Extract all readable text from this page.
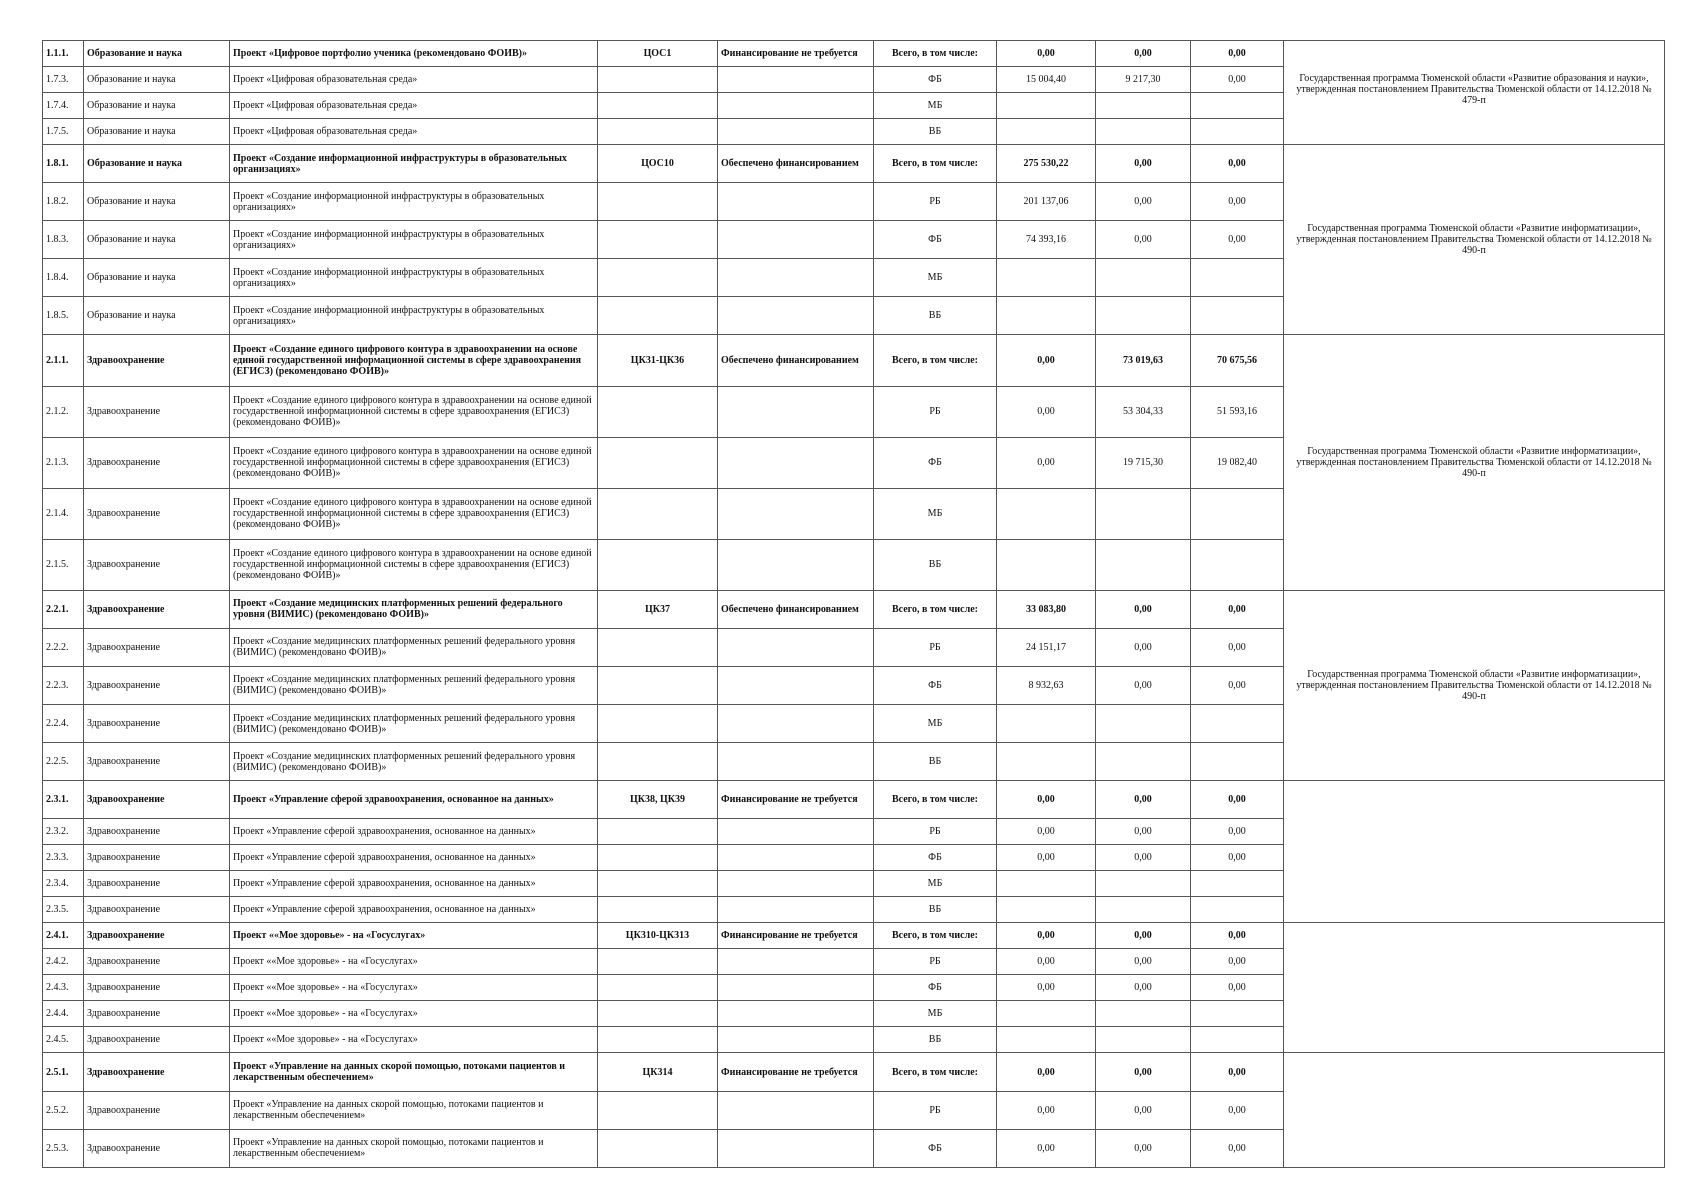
1.1.1.	Образование и наука	Проект «Цифровое портфолио ученика (рекомендовано ФОИВ)»	ЦОС1	Финансирование не требуется	Всего, в том числе:	0,00	0,00	0,00	Государственная программа Тюменской области «Развитие образования и науки», утвержденная постановлением Правительства Тюменской области от 14.12.2018 № 479-п

1.7.3.	Образование и наука	Проект «Цифровая образовательная среда»			ФБ	15 004,40	9 217,30	0,00	
1.7.4.	Образование и наука	Проект «Цифровая образовательная среда»			МБ				
1.7.5.	Образование и наука	Проект «Цифровая образовательная среда»			ВБ				
1.8.1.	Образование и наука	Проект «Создание информационной инфраструктуры в образовательных организациях»	ЦОС10	Обеспечено финансированием	Всего, в том числе:	275 530,22	0,00	0,00	Государственная программа Тюменской области «Развитие информатизации», утвержденная постановлением Правительства Тюменской области от 14.12.2018 № 490-п

1.8.2.	Образование и наука	Проект «Создание информационной инфраструктуры в образовательных организациях»			РБ	201 137,06	0,00	0,00	
1.8.3.	Образование и наука	Проект «Создание информационной инфраструктуры в образовательных организациях»			ФБ	74 393,16	0,00	0,00	
1.8.4.	Образование и наука	Проект «Создание информационной инфраструктуры в образовательных организациях»			МБ				
1.8.5.	Образование и наука	Проект «Создание информационной инфраструктуры в образовательных организациях»			ВБ				
2.1.1.	Здравоохранение	Проект «Создание единого цифрового контура в здравоохранении на основе единой государственной информационной системы в сфере здравоохранения (ЕГИСЗ) (рекомендовано ФОИВ)»	ЦК31-ЦК36	Обеспечено финансированием	Всего, в том числе:	0,00	73 019,63	70 675,56	Государственная программа Тюменской области «Развитие информатизации», утвержденная постановлением Правительства Тюменской области от 14.12.2018 № 490-п

2.1.2.	Здравоохранение	Проект «Создание единого цифрового контура в здравоохранении на основе единой государственной информационной системы в сфере здравоохранения (ЕГИСЗ) (рекомендовано ФОИВ)»			РБ	0,00	53 304,33	51 593,16	
2.1.3.	Здравоохранение	Проект «Создание единого цифрового контура в здравоохранении на основе единой государственной информационной системы в сфере здравоохранения (ЕГИСЗ) (рекомендовано ФОИВ)»			ФБ	0,00	19 715,30	19 082,40	
2.1.4.	Здравоохранение	Проект «Создание единого цифрового контура в здравоохранении на основе единой государственной информационной системы в сфере здравоохранения (ЕГИСЗ) (рекомендовано ФОИВ)»			МБ				
2.1.5.	Здравоохранение	Проект «Создание единого цифрового контура в здравоохранении на основе единой государственной информационной системы в сфере здравоохранения (ЕГИСЗ) (рекомендовано ФОИВ)»			ВБ				
2.2.1.	Здравоохранение	Проект «Создание медицинских платформенных решений федерального уровня (ВИМИС) (рекомендовано ФОИВ)»	ЦК37	Обеспечено финансированием	Всего, в том числе:	33 083,80	0,00	0,00	Государственная программа Тюменской области «Развитие информатизации», утвержденная постановлением Правительства Тюменской области от 14.12.2018 № 490-п

2.2.2.	Здравоохранение	Проект «Создание медицинских платформенных решений федерального уровня (ВИМИС) (рекомендовано ФОИВ)»			РБ	24 151,17	0,00	0,00	
2.2.3.	Здравоохранение	Проект «Создание медицинских платформенных решений федерального уровня (ВИМИС) (рекомендовано ФОИВ)»			ФБ	8 932,63	0,00	0,00	
2.2.4.	Здравоохранение	Проект «Создание медицинских платформенных решений федерального уровня (ВИМИС) (рекомендовано ФОИВ)»			МБ				
2.2.5.	Здравоохранение	Проект «Создание медицинских платформенных решений федерального уровня (ВИМИС) (рекомендовано ФОИВ)»			ВБ				
2.3.1.	Здравоохранение	Проект «Управление сферой здравоохранения, основанное на данных»	ЦК38, ЦК39	Финансирование не требуется	Всего, в том числе:	0,00	0,00	0,00	

2.3.2.	Здравоохранение	Проект «Управление сферой здравоохранения, основанное на данных»			РБ	0,00	0,00	0,00	
2.3.3.	Здравоохранение	Проект «Управление сферой здравоохранения, основанное на данных»			ФБ	0,00	0,00	0,00	
2.3.4.	Здравоохранение	Проект «Управление сферой здравоохранения, основанное на данных»			МБ				
2.3.5.	Здравоохранение	Проект «Управление сферой здравоохранения, основанное на данных»			ВБ				
2.4.1.	Здравоохранение	Проект ««Мое здоровье» - на «Госуслугах»	ЦК310-ЦК313	Финансирование не требуется	Всего, в том числе:	0,00	0,00	0,00	

2.4.2.	Здравоохранение	Проект ««Мое здоровье» - на «Госуслугах»			РБ	0,00	0,00	0,00	
2.4.3.	Здравоохранение	Проект ««Мое здоровье» - на «Госуслугах»			ФБ	0,00	0,00	0,00	
2.4.4.	Здравоохранение	Проект ««Мое здоровье» - на «Госуслугах»			МБ				
2.4.5.	Здравоохранение	Проект ««Мое здоровье» - на «Госуслугах»			ВБ				
2.5.1.	Здравоохранение	Проект «Управление на данных скорой помощью, потоками пациентов и лекарственным обеспечением»	ЦК314	Финансирование не требуется	Всего, в том числе:	0,00	0,00	0,00	

2.5.2.	Здравоохранение	Проект «Управление на данных скорой помощью, потоками пациентов и лекарственным обеспечением»			РБ	0,00	0,00	0,00	
2.5.3.	Здравоохранение	Проект «Управление на данных скорой помощью, потоками пациентов и лекарственным обеспечением»			ФБ	0,00	0,00	0,00	
